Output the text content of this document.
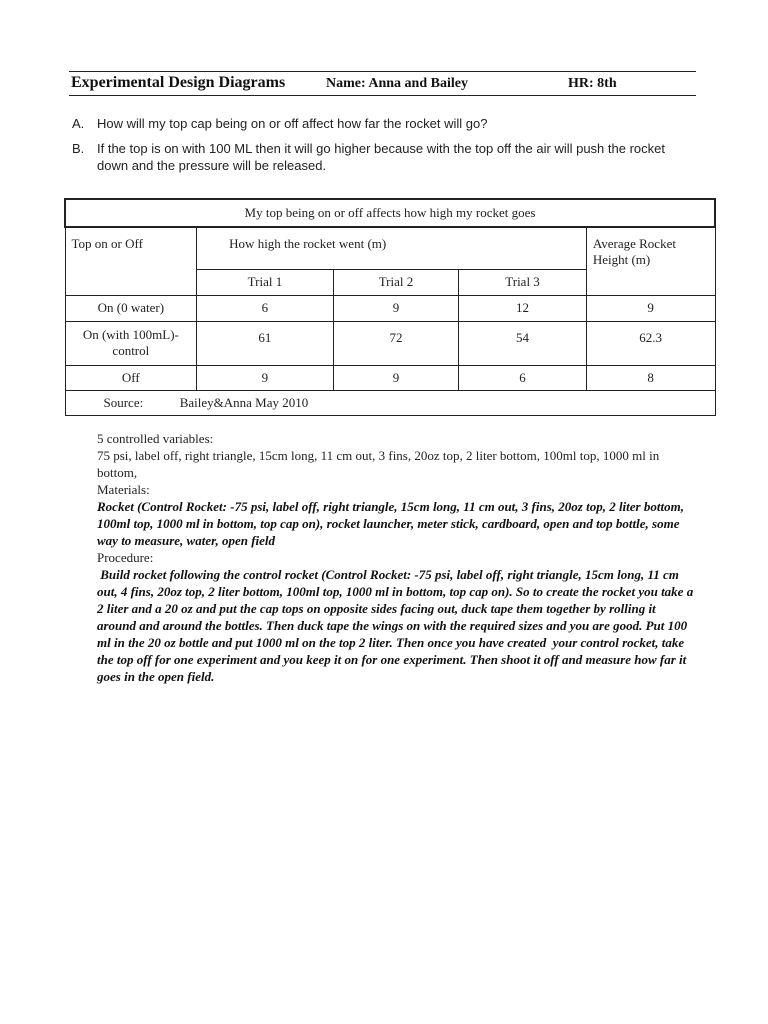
Experimental Design Diagrams	Name: Anna and Bailey	HR: 8th
A. How will my top cap being on or off affect how far the rocket will go?
B. If the top is on with 100 ML then it will go higher because with the top off the air will push the rocket down and the pressure will be released.
My top being on or off affects how high my rocket goes				
Top on or Off	How high the rocket went (m)			Average Rocket Height (m)
	Trial 1	Trial 2	Trial 3	
On (0 water)	6	9	12	9
On (with 100mL)- control	61	72	54	62.3
Off	9	9	6	8
Source: Bailey&Anna May 2010				
5 controlled variables:
75 psi, label off, right triangle, 15cm long, 11 cm out, 3 fins, 20oz top, 2 liter bottom, 100ml top, 1000 ml in bottom,
Materials:
Rocket (Control Rocket: -75 psi, label off, right triangle, 15cm long, 11 cm out, 3 fins, 20oz top, 2 liter bottom, 100ml top, 1000 ml in bottom, top cap on), rocket launcher, meter stick, cardboard, open and top bottle, some way to measure, water, open field
Procedure:
Build rocket following the control rocket (Control Rocket: -75 psi, label off, right triangle, 15cm long, 11 cm out, 4 fins, 20oz top, 2 liter bottom, 100ml top, 1000 ml in bottom, top cap on). So to create the rocket you take a 2 liter and a 20 oz and put the cap tops on opposite sides facing out, duck tape them together by rolling it around and around the bottles. Then duck tape the wings on with the required sizes and you are good. Put 100 ml in the 20 oz bottle and put 1000 ml on the top 2 liter. Then once you have created  your control rocket, take the top off for one experiment and you keep it on for one experiment. Then shoot it off and measure how far it goes in the open field.
